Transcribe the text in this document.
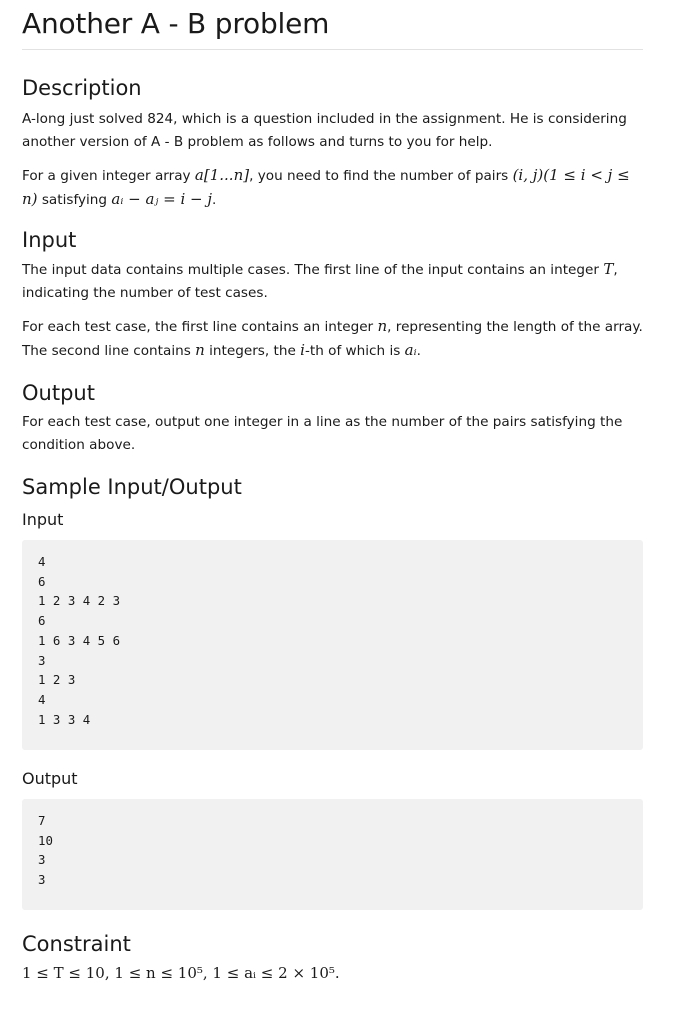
Another A - B problem
Description

A-long just solved 824, which is a question included in the assignment. He is considering another version of A - B problem as follows and turns to you for help.

For a given integer array a[1...n], you need to find the number of pairs (i, j)(1 ≤ i < j ≤ n) satisfying aᵢ − aⱼ = i − j.

Input

The input data contains multiple cases. The first line of the input contains an integer T, indicating the number of test cases.

For each test case, the first line contains an integer n, representing the length of the array. The second line contains n integers, the i-th of which is aᵢ.

Output

For each test case, output one integer in a line as the number of the pairs satisfying the condition above.

Sample Input/Output
Input
4
6
1 2 3 4 2 3
6
1 6 3 4 5 6
3
1 2 3
4
1 3 3 4
Output
7
10
3
3
Constraint

1 ≤ T ≤ 10, 1 ≤ n ≤ 10⁵, 1 ≤ aᵢ ≤ 2 × 10⁵.
